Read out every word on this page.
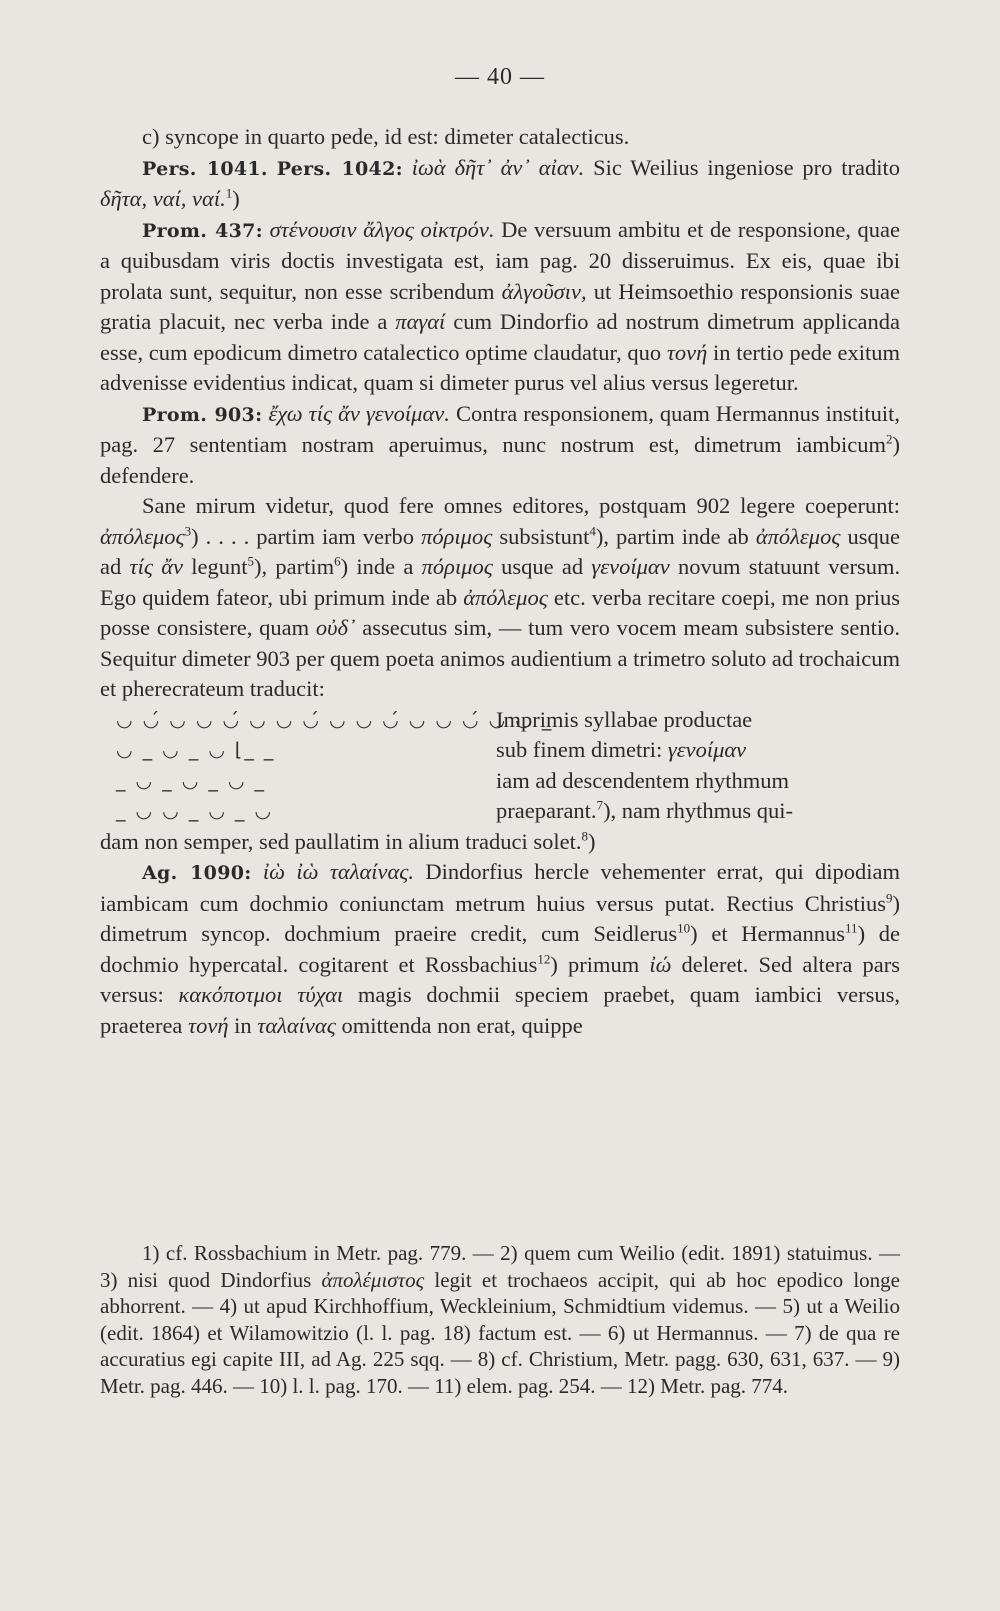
— 40 —

c) syncope in quarto pede, id est: dimeter catalecticus.

Pers. 1041. Pers. 1042: ἰωὰ δῆτ᾽ ἀν᾽ αἰαν. Sic Weilius ingeniose pro tradito δῆτα, ναί, ναί.$^1$)

Prom. 437: στένουσιν ἄλγος οἰκτρόν. De versuum ambitu et de responsione, quae a quibusdam viris doctis investigata est, iam pag. 20 disseruimus. Ex eis, quae ibi prolata sunt, sequitur, non esse scribendum ἀλγοῦσιν, ut Heimsoethio responsionis suae gratia placuit, nec verba inde a παγαί cum Dindorfio ad nostrum dimetrum applicanda esse, cum epodicum dimetro catalectico optime claudatur, quo τονή in tertio pede exitum advenisse evidentius indicat, quam si dimeter purus vel alius versus legeretur.

Prom. 903: ἔχω τίς ἄν γενοίμαν. Contra responsionem, quam Hermannus instituit, pag. 27 sententiam nostram aperuimus, nunc nostrum est, dimetrum iambicum$^2$) defendere.

Sane mirum videtur, quod fere omnes editores, postquam 902 legere coeperunt: ἀπόλεμος$^3$) . . . . partim iam verbo πόριμος subsistunt$^4$), partim inde ab ἀπόλεμος usque ad τίς ἄν legunt$^5$), partim$^6$) inde a πόριμος usque ad γενοίμαν novum statuunt versum. Ego quidem fateor, ubi primum inde ab ἀπόλεμος etc. verba recitare coepi, me non prius posse consistere, quam οὐδ᾽ assecutus sim, — tum vero vocem meam subsistere sentio. Sequitur dimeter 903 per quem poeta animos audientium a trimetro soluto ad trochaicum et pherecrateum traducit:

◡ ◡́ ◡ ◡ ◡́ ◡ ◡ ◡́ ◡ ◡ ◡́ ◡ ◡ ◡́ ◡ ◡ _
◡ _ ◡ _ ◡ ⌊_ _
_ ◡ _ ◡ _ ◡ _
_ ◡ ◡ _ ◡ _ ◡
Imprimis syllabae productae
sub finem dimetri: γενοίμαν
iam ad descendentem rhythmum
praeparant.$^7$), nam rhythmus qui-

dam non semper, sed paullatim in alium traduci solet.$^8$)

Ag. 1090: ἰὼ ἰὼ ταλαίνας. Dindorfius hercle vehementer errat, qui dipodiam iambicam cum dochmio coniunctam metrum huius versus putat. Rectius Christius$^9$) dimetrum syncop. dochmium praeire credit, cum Seidlerus$^{10}$) et Hermannus$^{11}$) de dochmio hypercatal. cogitarent et Rossbachius$^{12}$) primum ἰώ deleret. Sed altera pars versus: κακόποτμοι τύχαι magis dochmii speciem praebet, quam iambici versus, praeterea τονή in ταλαίνας omittenda non erat, quippe

1) cf. Rossbachium in Metr. pag. 779. — 2) quem cum Weilio (edit. 1891) statuimus. — 3) nisi quod Dindorfius ἀπολέμιστος legit et trochaeos accipit, qui ab hoc epodico longe abhorrent. — 4) ut apud Kirchhoffium, Weckleinium, Schmidtium videmus. — 5) ut a Weilio (edit. 1864) et Wilamowitzio (l. l. pag. 18) factum est. — 6) ut Hermannus. — 7) de qua re accuratius egi capite III, ad Ag. 225 sqq. — 8) cf. Christium, Metr. pagg. 630, 631, 637. — 9) Metr. pag. 446. — 10) l. l. pag. 170. — 11) elem. pag. 254. — 12) Metr. pag. 774.
